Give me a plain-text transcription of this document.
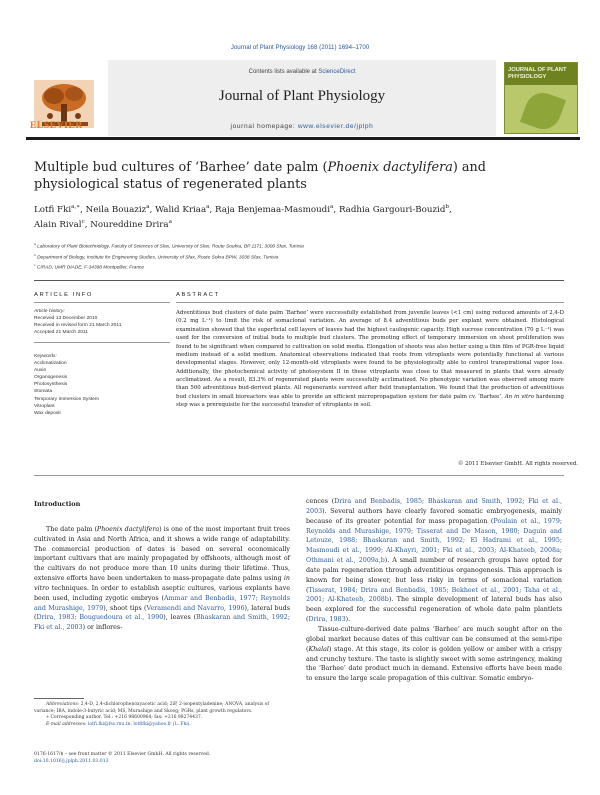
Journal of Plant Physiology 168 (2011) 1694–1700
ELSEVIER
Contents lists available at ScienceDirect
Journal of Plant Physiology
journal homepage: www.elsevier.de/jplph
JOURNAL OF PLANT PHYSIOLOGY
Multiple bud cultures of ‘Barhee’ date palm (Phoenix dactylifera) and physiological status of regenerated plants
Lotfi Fki$^{a,∗}$, Neila Bouaziz$^a$, Walid Kriaa$^a$, Raja Benjemaa-Masmoudi$^a$, Radhia Gargouri-Bouzid$^b$,
Alain Rival$^c$, Noureddine Drira$^a$
$^a$ Laboratory of Plant Biotechnology, Faculty of Sciences of Sfax, University of Sfax, Route Soukra, BP 1171, 3000 Sfax, Tunisia
$^b$ Department of Biology, Institute for Engineering Studies, University of Sfax, Route Sokra BPW, 3038 Sfax, Tunisia
$^c$ CIRAD, UMR DIADE, F-34398 Montpellier, France
ARTICLE INFO	ABSTRACT
Article history:
Received 13 December 2010
Received in revised form 21 March 2011
Accepted 21 March 2011
Keywords:
Acclimatization
Auxin
Organogenesis
Photosynthesis
Stomata
Temporary Immersion System
Vitroplant
Wax deposit
Adventitious bud clusters of date palm ‘Barhee’ were successfully established from juvenile leaves (<1 cm) using reduced amounts of 2,4-D (0.2 mg L⁻¹) to limit the risk of somaclonal variation. An average of 8.4 adventitious buds per explant were obtained. Histological examination showed that the superficial cell layers of leaves had the highest caulogenic capacity. High sucrose concentration (70 g L⁻¹) was used for the conversion of initial buds to multiple bud clusters. The promoting effect of temporary immersion on shoot proliferation was found to be significant when compared to cultivation on solid media. Elongation of shoots was also better using a thin film of PGR-free liquid medium instead of a solid medium. Anatomical observations indicated that roots from vitroplants were potentially functional at various developmental stages. However, only 12-month-old vitroplants were found to be physiologically able to control transpirational vapor loss. Additionally, the photochemical activity of photosystem II in these vitroplants was close to that measured in plants that were already acclimatized. As a result, 83.3% of regenerated plants were successfully acclimatized. No phenotypic variation was observed among more than 500 adventitious bud-derived plants. All regenerants survived after field transplantation. We found that the production of adventitious bud clusters in small bioreactors was able to provide an efficient micropropagation system for date palm cv. ‘Barhee’. An in vitro hardening step was a prerequisite for the successful transfer of vitroplants in soil.
© 2011 Elsevier GmbH. All rights reserved.
Introduction

The date palm (Phoenix dactylifera) is one of the most important fruit trees cultivated in Asia and North Africa, and it shows a wide range of adaptability. The commercial production of dates is based on several economically important cultivars that are mainly propagated by offshoots, although most of the cultivars do not produce more than 10 units during their lifetime. Thus, extensive efforts have been undertaken to mass-propagate date palms using in vitro techniques. In order to establish aseptic cultures, various explants have been used, including zygotic embryos (Ammar and Benbadis, 1977; Reynolds and Murashige, 1979), shoot tips (Veramendi and Navarro, 1996), lateral buds (Drira, 1983; Bouguedoura et al., 1990), leaves (Bhaskaran and Smith, 1992; Fki et al., 2003) or inflores-

cences (Drira and Benbadis, 1985; Bhaskaran and Smith, 1992; Fki et al., 2003). Several authors have clearly favored somatic embryogenesis, mainly because of its greater potential for mass propagation (Poulain et al., 1979; Reynolds and Murashige, 1979; Tisserat and De Mason, 1980; Daguin and Letouze, 1988; Bhaskaran and Smith, 1992; El Hadrami et al., 1995; Masmoudi et al., 1999; Al-Khayri, 2001; Fki et al., 2003; Al-Khateeb, 2008a; Othmani et al., 2009a,b). A small number of research groups have opted for date palm regeneration through adventitious organogenesis. This approach is known for being slower, but less risky in terms of somaclonal variation (Tisserat, 1984; Drira and Benbadis, 1985; Bekheet et al., 2001; Taha et al., 2001; Al-Khateeb, 2008b). The simple development of lateral buds has also been explored for the successful regeneration of whole date palm plantlets (Drira, 1983).

Tissue-culture-derived date palms ‘Barhee’ are much sought after on the global market because dates of this cultivar can be consumed at the semi-ripe (Khalal) stage. At this stage, its color is golden yellow or amber with a crispy and crunchy texture. The taste is slightly sweet with some astringency, making the ‘Barhee’ date product much in demand. Extensive efforts have been made to ensure the large scale propagation of this cultivar. Somatic embryo-

Abbreviations: 2,4-D, 2,4-dichlorophenoxyacetic acid; 2iP, 2-isopentyladenine; ANOVA, analysis of variance; IBA, indole-3-butyric acid; MS, Murashige and Skoog; PGRs, plant growth regulators.
∗ Corresponding author. Tel.: +216 98600964; fax: +216 98274437.
E-mail addresses: lotfi.fki@fss.rnu.tn, lotfifki@yahoo.fr (L. Fki).
0176-1617/$ – see front matter © 2011 Elsevier GmbH. All rights reserved.
doi:10.1016/j.jplph.2011.03.013
